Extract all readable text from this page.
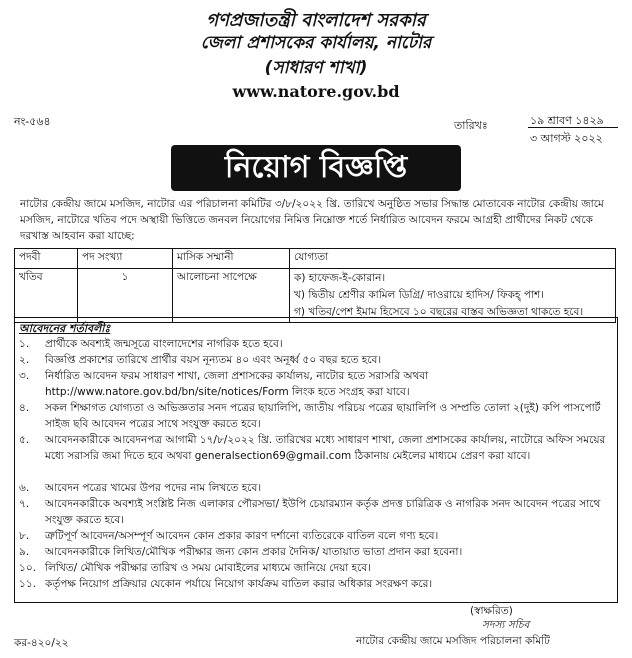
গণপ্রজাতন্ত্রী বাংলাদেশ সরকার
জেলা প্রশাসকের কার্যালয়, নাটোর
(সাধারণ শাখা)
www.natore.gov.bd
নং-৫৬৪	তারিখঃ	১৯ শ্রাবণ ১৪২৯
৩ আগস্ট ২০২২
নিয়োগ বিজ্ঞপ্তি
নাটোর কেন্দ্রীয় জামে মসজিদ, নাটোর এর পরিচালনা কমিটির ৩/৮/২০২২ খ্রি. তারিখে অনুষ্ঠিত সভার সিদ্ধান্ত মোতাবেক নাটোর কেন্দ্রীয় জামে মসজিদ, নাটোরে খতিব পদে অস্থায়ী ভিত্তিতে জনবল নিয়োগের নিমিত্ত নিম্নোক্ত শর্তে নির্ধারিত আবেদন ফরমে আগ্রহী প্রার্থীদের নিকট থেকে দরখাস্ত আহবান করা যাচ্ছে:
পদবী	পদ সংখ্যা	মাসিক সম্মানী	যোগ্যতা
খতিব	১	আলোচনা সাপেক্ষে	ক) হাফেজ-ই-কোরান।
খ) দ্বিতীয় শ্রেণীর কামিল ডিগ্রি/ দাওরায়ে হাদিস/ ফিকহ্ পাশ।
গ) খতিব/পেশ ইমাম হিসেবে ১০ বছরের বাস্তব অভিজ্ঞতা থাকতে হবে।
আবেদনের শর্তাবলীঃ
১.	প্রার্থীকে অবশ্যই জন্মসূত্রে বাংলাদেশের নাগরিক হতে হবে।
২.	বিজ্ঞপ্তি প্রকাশের তারিখে প্রার্থীর বয়স নূন্যতম ৪০ এবং অনূর্ধ্ব ৫০ বছর হতে হবে।
৩.	নির্ধারিত আবেদন ফরম সাধারণ শাখা, জেলা প্রশাসকের কার্যালয়, নাটোর হতে সরাসরি অথবা http://www.natore.gov.bd/bn/site/notices/Form লিংক হতে সংগ্রহ করা যাবে।
৪.	সকল শিক্ষাগত যোগ্যতা ও অভিজ্ঞতার সনদ পত্রের ছায়ালিপি, জাতীয় পরিচয় পত্রের ছায়ালিপি ও সম্প্রতি তোলা ২(দুই) কপি পাসপোর্ট সাইজ ছবি আবেদন পত্রের সাথে সংযুক্ত করতে হবে।
৫.	আবেদনকারীকে আবেদনপত্র আগামী ১৭/৮/২০২২ খ্রি. তারিখের মধ্যে সাধারণ শাখা, জেলা প্রশাসকের কার্যালয়, নাটোরে অফিস সময়ের মধ্যে সরাসরি জমা দিতে হবে অথবা generalsection69@gmail.com ঠিকানায় মেইলের মাধ্যমে প্রেরণ করা যাবে।
৬.	আবেদন পত্রের খামের উপর পদের নাম লিখতে হবে।
৭.	আবেদনকারীকে অবশ্যই সংশ্লিষ্ট নিজ এলাকার পৌরসভা/ ইউপি চেয়ারম্যান কর্তৃক প্রদত্ত চারিত্রিক ও নাগরিক সনদ আবেদন পত্রের সাথে সংযুক্ত করতে হবে।
৮.	ত্রুটিপূর্ণ আবেদন/অসম্পূর্ণ আবেদন কোন প্রকার কারণ দর্শানো ব্যতিরেকে বাতিল বলে গণ্য হবে।
৯.	আবেদনকারীকে লিখিত/মৌখিক পরীক্ষার জন্য কোন প্রকার দৈনিক/ যাতায়াত ভাতা প্রদান করা হবেনা।
১০. লিখিত/ মৌখিক পরীক্ষার তারিখ ও সময় মোবাইলের মাধ্যমে জানিয়ে দেয়া হবে।
১১. কর্তৃপক্ষ নিয়োগ প্রক্রিয়ার যেকোন পর্যায়ে নিয়োগ কার্যক্রম বাতিল করার অধিকার সংরক্ষণ করে।
(স্বাক্ষরিত)
সদস্য সচিব
নাটোর কেন্দ্রীয় জামে মসজিদ পরিচালনা কমিটি
কর-৪২০/২২
